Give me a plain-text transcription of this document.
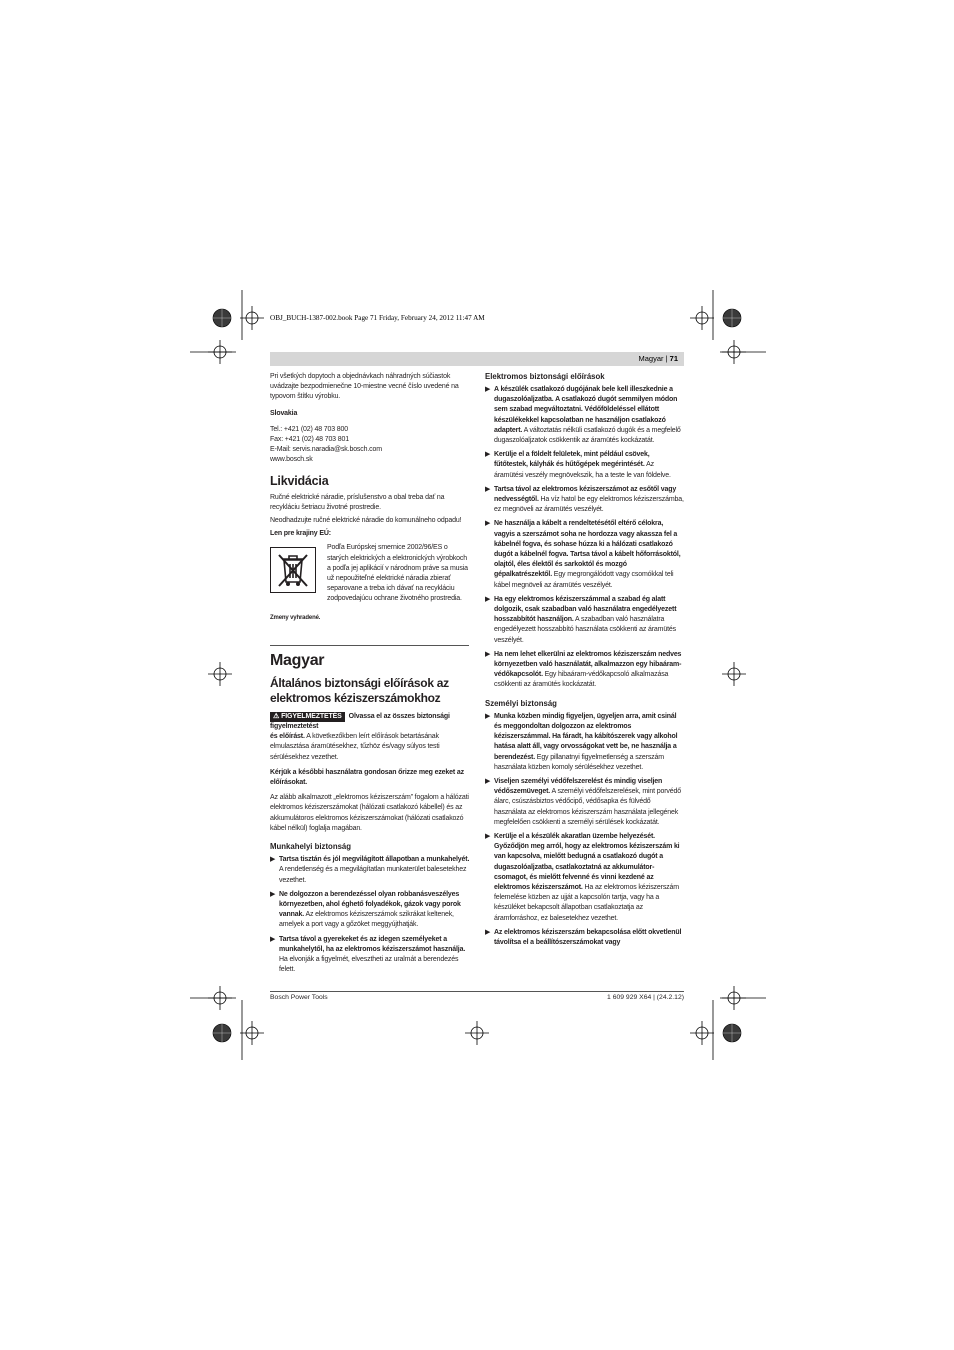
OBJ_BUCH-1387-002.book Page 71 Friday, February 24, 2012 11:47 AM
Magyar | 71

Pri všetkých dopytoch a objednávkach náhradných súčiastok uvádzajte bezpodmienečne 10-miestne vecné číslo uvedené na typovom štítku výrobku.

Slovakia

Tel.: +421 (02) 48 703 800

Fax: +421 (02) 48 703 801

E-Mail: servis.naradia@sk.bosch.com

www.bosch.sk

Likvidácia

Ručné elektrické náradie, príslušenstvo a obal treba dať na recykláciu šetriacu životné prostredie.

Neodhadzujte ručné elektrické náradie do komunálneho odpadu!

Len pre krajiny EÚ:

Podľa Európskej smernice 2002/96/ES o starých elektrických a elektronických výrobkoch a podľa jej aplikácií v národnom práve sa musia už nepoužiteľné elektrické náradia zbierať separovane a treba ich dávať na recykláciu zodpovedajúcu ochrane životného prostredia.

Zmeny vyhradené.

Magyar
Általános biztonsági előírások az elektromos kéziszerszámokhoz

⚠ FIGYELMEZTETÉS Olvassa el az összes biztonsági figyelmeztetést
és előírást. A következőkben leírt előírások betartásának elmulasztása áramütésekhez, tűzhöz és/vagy súlyos testi sérülésekhez vezethet.

Kérjük a későbbi használatra gondosan őrizze meg ezeket az előírásokat.

Az alább alkalmazott „elektromos kéziszerszám” fogalom a hálózati elektromos kéziszerszámokat (hálózati csatlakozó kábellel) és az akkumulátoros elektromos kéziszerszámokat (hálózati csatlakozó kábel nélkül) foglalja magában.

Munkahelyi biztonság

▶ Tartsa tisztán és jól megvilágított állapotban a munkahelyét. A rendetlenség és a megvilágítatlan munkaterület balesetekhez vezethet.

▶ Ne dolgozzon a berendezéssel olyan robbanásveszélyes környezetben, ahol éghető folyadékok, gázok vagy porok vannak. Az elektromos kéziszerszámok szikrákat keltenek, amelyek a port vagy a gőzöket meggyújthatják.

▶ Tartsa távol a gyerekeket és az idegen személyeket a munkahelytől, ha az elektromos kéziszerszámot használja. Ha elvonják a figyelmét, elvesztheti az uralmát a berendezés felett.

Elektromos biztonsági előírások

▶ A készülék csatlakozó dugójának bele kell illeszkednie a dugaszolóaljzatba. A csatlakozó dugót semmilyen módon sem szabad megváltoztatni. Védőföldeléssel ellátott készülékekkel kapcsolatban ne használjon csatlakozó adaptert. A változtatás nélküli csatlakozó dugók és a megfelelő dugaszolóaljzatok csökkentik az áramütés kockázatát.

▶ Kerülje el a földelt felületek, mint például csövek, fűtőtestek, kályhák és hűtőgépek megérintését. Az áramütési veszély megnövekszik, ha a teste le van földelve.

▶ Tartsa távol az elektromos kéziszerszámot az esőtől vagy nedvességtől. Ha víz hatol be egy elektromos kéziszerszámba, ez megnöveli az áramütés veszélyét.

▶ Ne használja a kábelt a rendeltetésétől eltérő célokra, vagyis a szerszámot soha ne hordozza vagy akassza fel a kábelnél fogva, és sohase húzza ki a hálózati csatlakozó dugót a kábelnél fogva. Tartsa távol a kábelt hőforrásoktól, olajtól, éles élektől és sarkoktól és mozgó gépalkatrészektől. Egy megrongálódott vagy csomókkal teli kábel megnöveli az áramütés veszélyét.

▶ Ha egy elektromos kéziszerszámmal a szabad ég alatt dolgozik, csak szabadban való használatra engedélyezett hosszabbítót használjon. A szabadban való használatra engedélyezett hosszabbító használata csökkenti az áramütés veszélyét.

▶ Ha nem lehet elkerülni az elektromos kéziszerszám nedves környezetben való használatát, alkalmazzon egy hibaáram-védőkapcsolót. Egy hibaáram-védőkapcsoló alkalmazása csökkenti az áramütés kockázatát.

Személyi biztonság

▶ Munka közben mindig figyeljen, ügyeljen arra, amit csinál és meggondoltan dolgozzon az elektromos kéziszerszámmal. Ha fáradt, ha kábítószerek vagy alkohol hatása alatt áll, vagy orvosságokat vett be, ne használja a berendezést. Egy pillanatnyi figyelmetlenség a szerszám használata közben komoly sérülésekhez vezethet.

▶ Viseljen személyi védőfelszerelést és mindig viseljen védőszemüveget. A személyi védőfelszerelések, mint porvédő álarc, csúszásbiztos védőcipő, védősapka és fülvédő használata az elektromos kéziszerszám használata jellegének megfelelően csökkenti a személyi sérülések kockázatát.

▶ Kerülje el a készülék akaratlan üzembe helyezését. Győződjön meg arról, hogy az elektromos kéziszerszám ki van kapcsolva, mielőtt bedugná a csatlakozó dugót a dugaszolóaljzatba, csatlakoztatná az akkumulátor-csomagot, és mielőtt felvenné és vinni kezdené az elektromos kéziszerszámot. Ha az elektromos kéziszerszám felemelése közben az ujját a kapcsolón tartja, vagy ha a készüléket bekapcsolt állapotban csatlakoztatja az áramforráshoz, ez balesetekhez vezethet.

▶ Az elektromos kéziszerszám bekapcsolása előtt okvetlenül távolítsa el a beállítószerszámokat vagy

Bosch Power Tools	1 609 929 X64 | (24.2.12)
